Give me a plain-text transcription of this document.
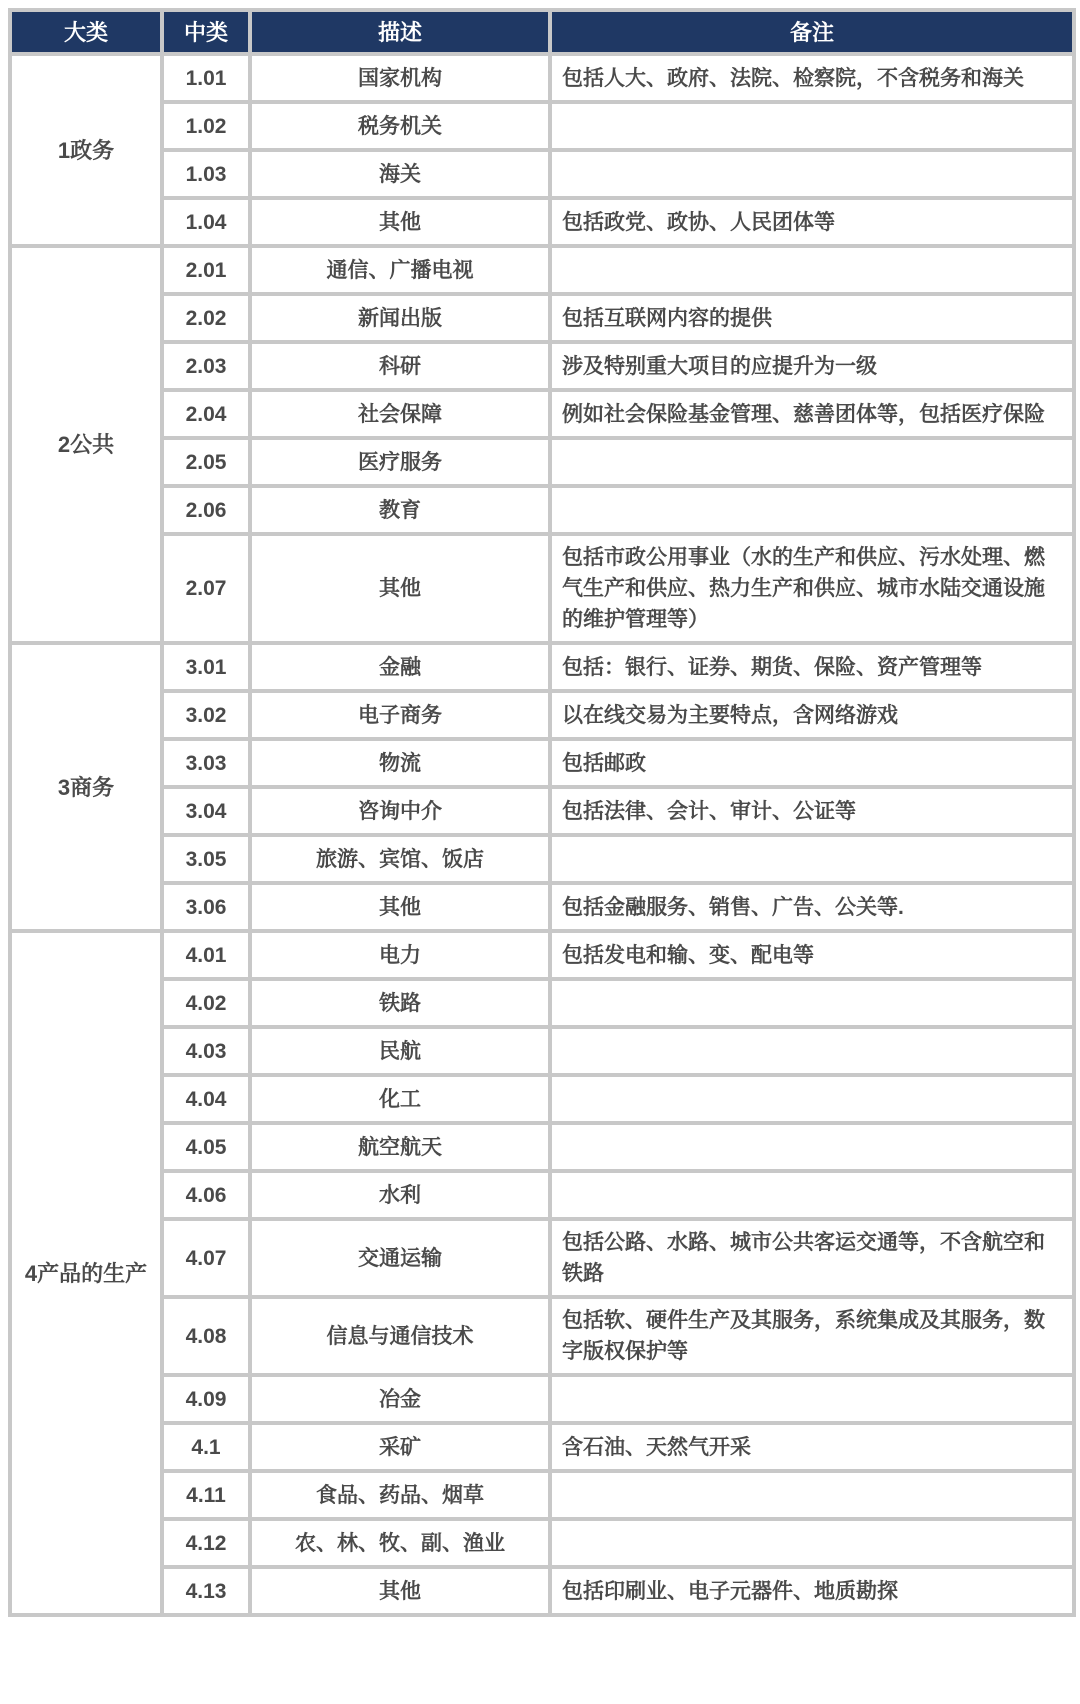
大类	中类	描述	备注
1政务	1.01	国家机构	包括人大、政府、法院、检察院，不含税务和海关
	1.02	税务机关	
	1.03	海关	
	1.04	其他	包括政党、政协、人民团体等
2公共	2.01	通信、广播电视	
	2.02	新闻出版	包括互联网内容的提供
	2.03	科研	涉及特别重大项目的应提升为一级
	2.04	社会保障	例如社会保险基金管理、慈善团体等，包括医疗保险
	2.05	医疗服务	
	2.06	教育	
	2.07	其他	包括市政公用事业（水的生产和供应、污水处理、燃气生产和供应、热力生产和供应、城市水陆交通设施的维护管理等）
3商务	3.01	金融	包括：银行、证券、期货、保险、资产管理等
	3.02	电子商务	以在线交易为主要特点，含网络游戏
	3.03	物流	包括邮政
	3.04	咨询中介	包括法律、会计、审计、公证等
	3.05	旅游、宾馆、饭店	
	3.06	其他	包括金融服务、销售、广告、公关等.
4产品的生产	4.01	电力	包括发电和输、变、配电等
	4.02	铁路	
	4.03	民航	
	4.04	化工	
	4.05	航空航天	
	4.06	水利	
	4.07	交通运输	包括公路、水路、城市公共客运交通等，不含航空和铁路
	4.08	信息与通信技术	包括软、硬件生产及其服务，系统集成及其服务，数字版权保护等
	4.09	冶金	
	4.1	采矿	含石油、天然气开采
	4.11	食品、药品、烟草	
	4.12	农、林、牧、副、渔业	
	4.13	其他	包括印刷业、电子元器件、地质勘探
